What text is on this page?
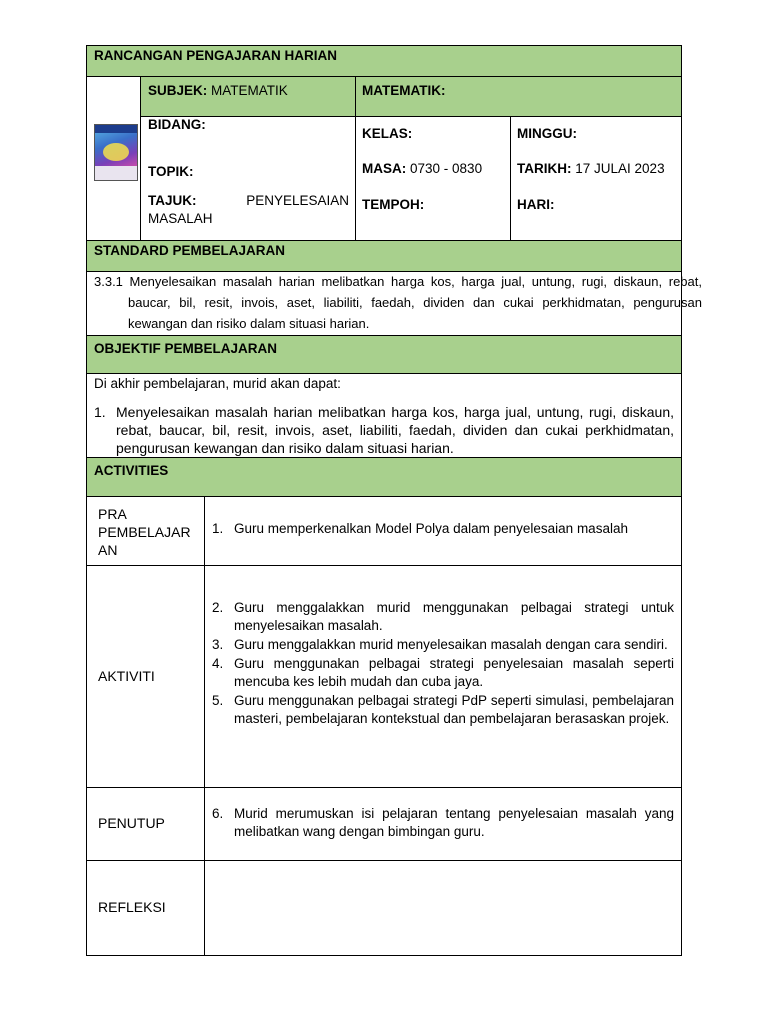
RANCANGAN PENGAJARAN HARIAN
SUBJEK: MATEMATIK	MATEMATIK:
BIDANG:
TOPIK:
TAJUK:	PENYELESAIAN
MASALAH
KELAS:
MASA: 0730 - 0830
TEMPOH:
MINGGU:
TARIKH: 17 JULAI 2023
HARI:
STANDARD PEMBELAJARAN
3.3.1 Menyelesaikan masalah harian melibatkan harga kos, harga jual, untung, rugi, diskaun, rebat, baucar, bil, resit, invois, aset, liabiliti, faedah, dividen dan cukai perkhidmatan, pengurusan kewangan dan risiko dalam situasi harian.
OBJEKTIF PEMBELAJARAN
Di akhir pembelajaran, murid akan dapat:
1. Menyelesaikan masalah harian melibatkan harga kos, harga jual, untung, rugi, diskaun, rebat, baucar, bil, resit, invois, aset, liabiliti, faedah, dividen dan cukai perkhidmatan, pengurusan kewangan dan risiko dalam situasi harian.
ACTIVITIES
PRA PEMBELAJAR AN
1. Guru memperkenalkan Model Polya dalam penyelesaian masalah
AKTIVITI
2. Guru menggalakkan murid menggunakan pelbagai strategi untuk menyelesaikan masalah.
3. Guru menggalakkan murid menyelesaikan masalah dengan cara sendiri.
4. Guru menggunakan pelbagai strategi penyelesaian masalah seperti mencuba kes lebih mudah dan cuba jaya.
5. Guru menggunakan pelbagai strategi PdP seperti simulasi, pembelajaran masteri, pembelajaran kontekstual dan pembelajaran berasaskan projek.
PENUTUP
6. Murid merumuskan isi pelajaran tentang penyelesaian masalah yang melibatkan wang dengan bimbingan guru.
REFLEKSI
